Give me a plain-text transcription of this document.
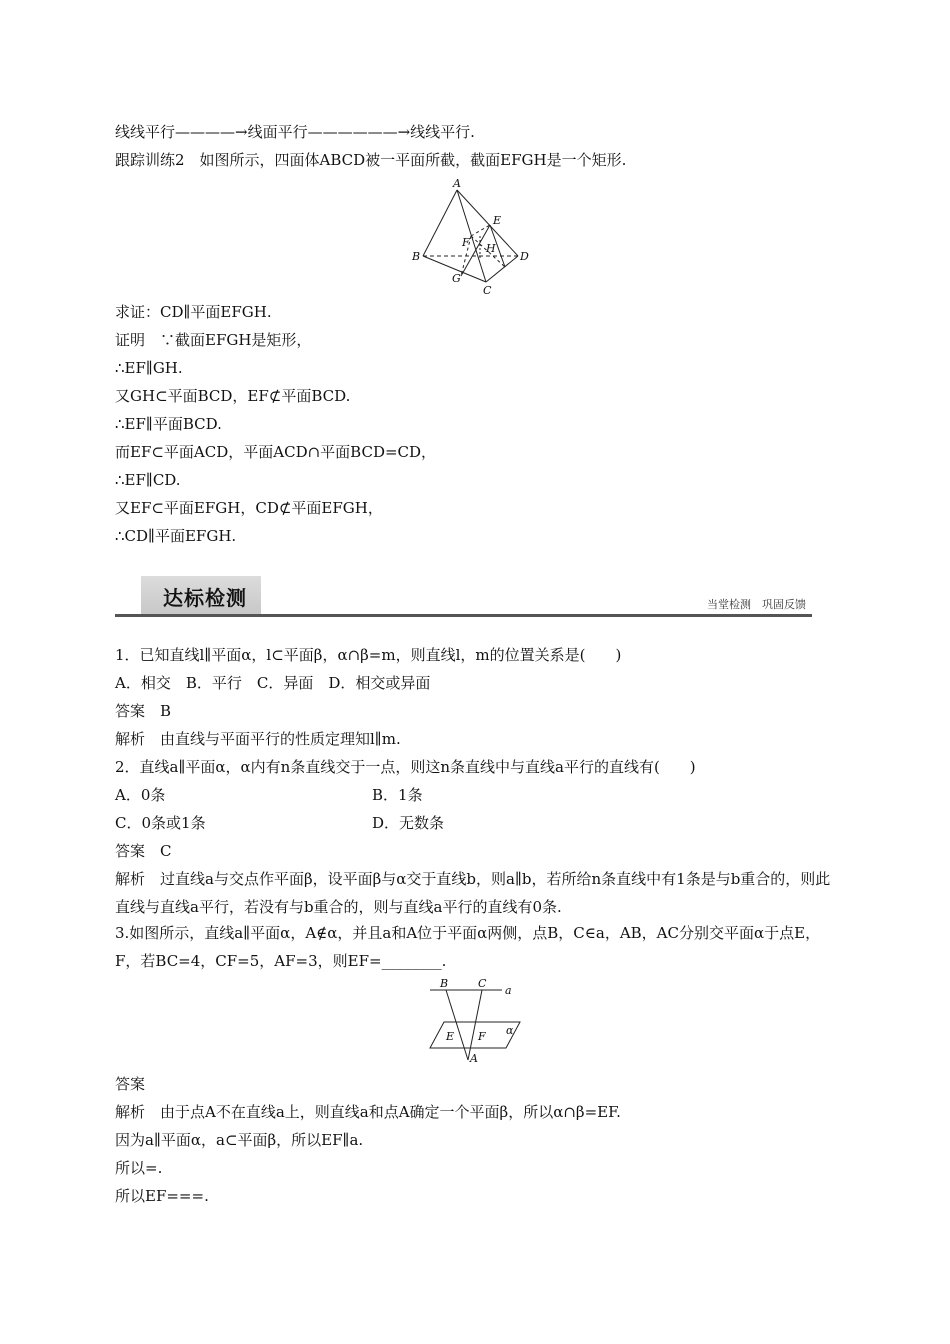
线线平行————→线面平行——————→线线平行.
跟踪训练2　如图所示，四面体ABCD被一平面所截，截面EFGH是一个矩形.
A
E
F H
B	D
G
C
求证：CD∥平面EFGH.
证明　∵截面EFGH是矩形，
∴EF∥GH.
又GH⊂平面BCD，EF⊄平面BCD.
∴EF∥平面BCD.
而EF⊂平面ACD，平面ACD∩平面BCD=CD，
∴EF∥CD.
又EF⊂平面EFGH，CD⊄平面EFGH，
∴CD∥平面EFGH.
达标检测	当堂检测　巩固反馈
1．已知直线l∥平面α，l⊂平面β，α∩β=m，则直线l，m的位置关系是(　　)
A．相交　B．平行　C．异面　D．相交或异面
答案　B
解析　由直线与平面平行的性质定理知l∥m.
2．直线a∥平面α，α内有n条直线交于一点，则这n条直线中与直线a平行的直线有(　　)
A．0条	B．1条
C．0条或1条	D．无数条
答案　C
解析　过直线a与交点作平面β，设平面β与α交于直线b，则a∥b，若所给n条直线中有1条是与b重合的，则此直线与直线a平行，若没有与b重合的，则与直线a平行的直线有0条.
3.如图所示，直线a∥平面α，A∉α，并且a和A位于平面α两侧，点B，C∈a，AB，AC分别交平面α于点E，F，若BC=4，CF=5，AF=3，则EF=________.
B	C
a
α
E F
A
答案
解析　由于点A不在直线a上，则直线a和点A确定一个平面β，所以α∩β=EF.
因为a∥平面α，a⊂平面β，所以EF∥a.
所以=.
所以EF===.
